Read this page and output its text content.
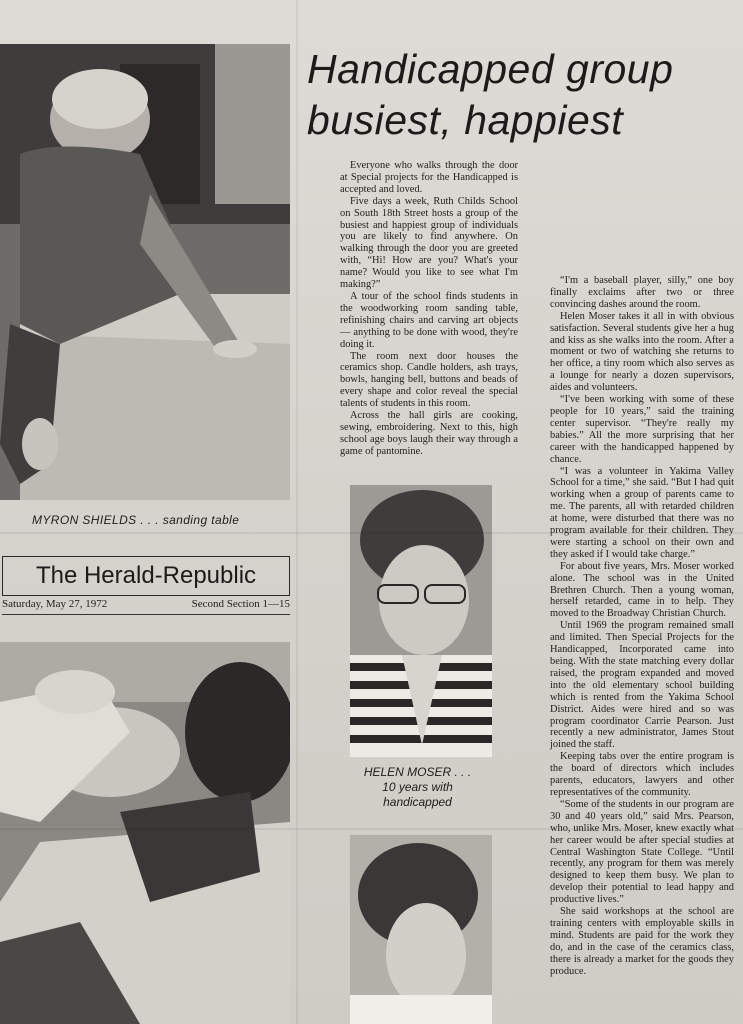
MYRON SHIELDS . . . sanding table
The Herald-Republic
Saturday, May 27, 1972	Second Section 1—15
Handicapped group
busiest, happiest

Everyone who walks through the door at Special projects for the Handicapped is accepted and loved.

Five days a week, Ruth Childs School on South 18th Street hosts a group of the busiest and happiest group of individuals you are likely to find anywhere. On walking through the door you are greeted with, “Hi! How are you? What's your name? Would you like to see what I'm making?”

A tour of the school finds students in the woodworking room sanding table, refinishing chairs and carving art objects — anything to be done with wood, they're doing it.

The room next door houses the ceramics shop. Candle holders, ash trays, bowls, hanging bell, buttons and beads of every shape and color reveal the special talents of students in this room.

Across the hall girls are cooking, sewing, embroidering. Next to this, high school age boys laugh their way through a game of pantomine.

HELEN MOSER . . .
10 years with
handicapped

“I'm a baseball player, silly,” one boy finally exclaims after two or three convincing dashes around the room.

Helen Moser takes it all in with obvious satisfaction. Several students give her a hug and kiss as she walks into the room. After a moment or two of watching she returns to her office, a tiny room which also serves as a lounge for nearly a dozen supervisors, aides and volunteers.

“I've been working with some of these people for 10 years,” said the training center supervisor. “They're really my babies.” All the more surprising that her career with the handicapped happened by chance.

“I was a volunteer in Yakima Valley School for a time,” she said. “But I had quit working when a group of parents came to me. The parents, all with retarded children at home, were disturbed that there was no program available for their children. They were starting a school on their own and they asked if I would take charge.”

For about five years, Mrs. Moser worked alone. The school was in the United Brethren Church. Then a young woman, herself retarded, came in to help. They moved to the Broadway Christian Church.

Until 1969 the program remained small and limited. Then Special Projects for the Handicapped, Incorporated came into being. With the state matching every dollar raised, the program expanded and moved into the old elementary school building which is rented from the Yakima School District. Aides were hired and so was program coordinator Carrie Pearson. Just recently a new administrator, James Stout joined the staff.

Keeping tabs over the entire program is the board of directors which includes parents, educators, lawyers and other representatives of the community.

“Some of the students in our program are 30 and 40 years old,” said Mrs. Pearson, who, unlike Mrs. Moser, knew exactly what her career would be after special studies at Central Washington State College. “Until recently, any program for them was merely designed to keep them busy. We plan to develop their potential to lead happy and productive lives.”

She said workshops at the school are training centers with employable skills in mind. Students are paid for the work they do, and in the case of the ceramics class, there is already a market for the goods they produce.
